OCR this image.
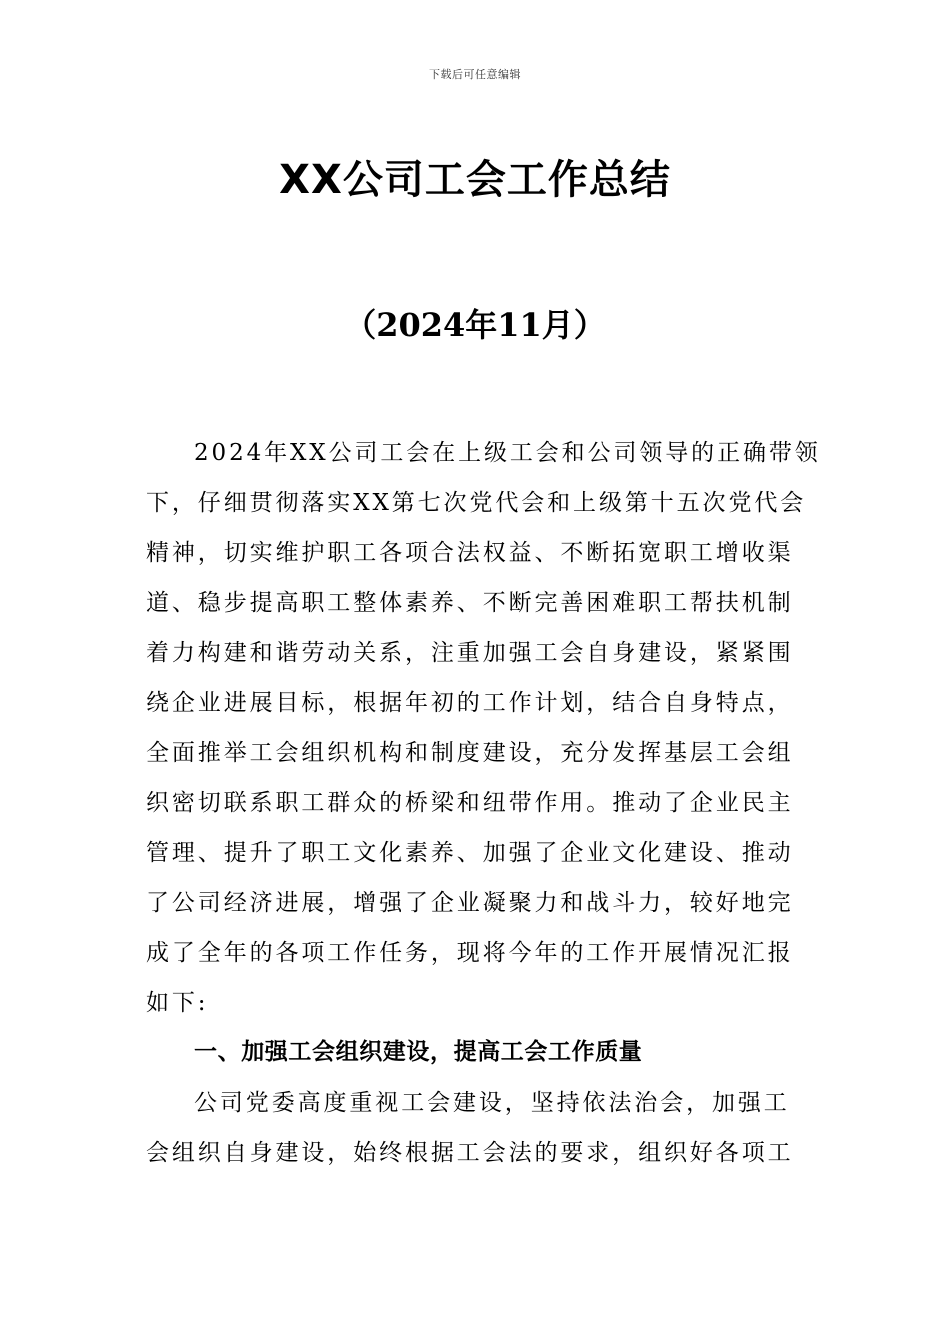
下载后可任意编辑
XX公司工会工作总结
（2024年11月）
2024年XX公司工会在上级工会和公司领导的正确带领
下，仔细贯彻落实XX第七次党代会和上级第十五次党代会
精神，切实维护职工各项合法权益、不断拓宽职工增收渠
道、稳步提高职工整体素养、不断完善困难职工帮扶机制
着力构建和谐劳动关系，注重加强工会自身建设，紧紧围
绕企业进展目标，根据年初的工作计划，结合自身特点，
全面推举工会组织机构和制度建设，充分发挥基层工会组
织密切联系职工群众的桥梁和纽带作用。推动了企业民主
管理、提升了职工文化素养、加强了企业文化建设、推动
了公司经济进展，增强了企业凝聚力和战斗力，较好地完
成了全年的各项工作任务，现将今年的工作开展情况汇报
如下:
一、加强工会组织建设，提高工会工作质量
公司党委高度重视工会建设，坚持依法治会，加强工
会组织自身建设，始终根据工会法的要求，组织好各项工
